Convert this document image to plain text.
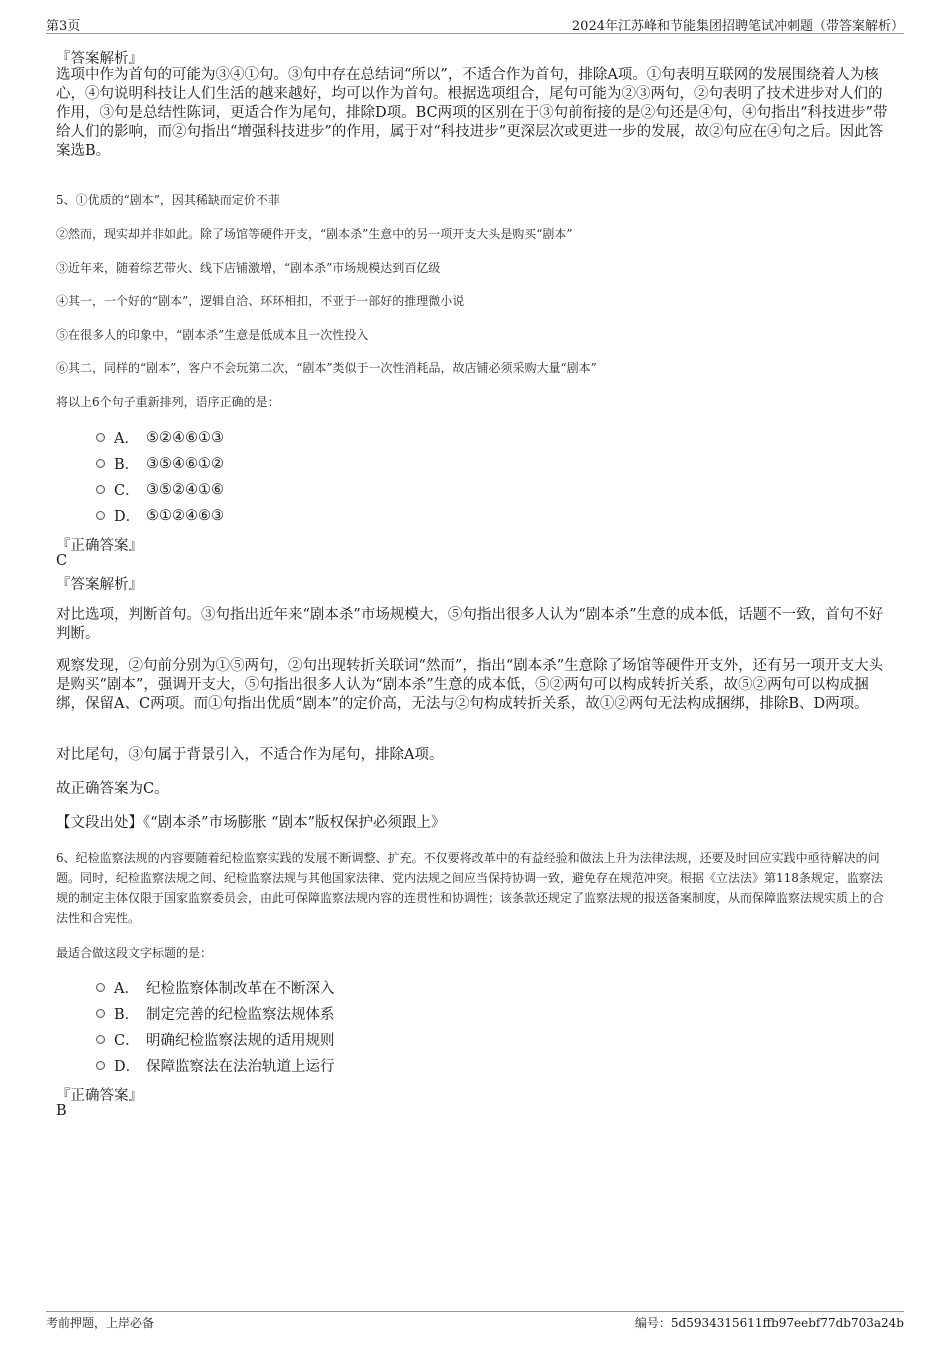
第3页	2024年江苏峰和节能集团招聘笔试冲刺题（带答案解析）
『答案解析』
选项中作为首句的可能为③④①句。③句中存在总结词“所以”，不适合作为首句，排除A项。①句表明互联网的发展围绕着人为核心，④句说明科技让人们生活的越来越好，均可以作为首句。根据选项组合，尾句可能为②③两句，②句表明了技术进步对人们的作用，③句是总结性陈词，更适合作为尾句，排除D项。BC两项的区别在于③句前衔接的是②句还是④句，④句指出“科技进步”带给人们的影响，而②句指出“增强科技进步”的作用，属于对“科技进步”更深层次或更进一步的发展，故②句应在④句之后。因此答案选B。
5、①优质的“剧本”，因其稀缺而定价不菲
②然而，现实却并非如此。除了场馆等硬件开支，“剧本杀”生意中的另一项开支大头是购买“剧本”
③近年来，随着综艺带火、线下店铺激增，“剧本杀”市场规模达到百亿级
④其一，一个好的“剧本”，逻辑自洽、环环相扣，不亚于一部好的推理微小说
⑤在很多人的印象中，“剧本杀”生意是低成本且一次性投入
⑥其二，同样的“剧本”，客户不会玩第二次，“剧本”类似于一次性消耗品，故店铺必须采购大量“剧本”
将以上6个句子重新排列，语序正确的是：
A． ⑤②④⑥①③
B． ③⑤④⑥①②
C． ③⑤②④①⑥
D． ⑤①②④⑥③
『正确答案』
C
『答案解析』
对比选项，判断首句。③句指出近年来“剧本杀”市场规模大，⑤句指出很多人认为“剧本杀”生意的成本低，话题不一致，首句不好判断。
观察发现，②句前分别为①⑤两句，②句出现转折关联词“然而”，指出“剧本杀”生意除了场馆等硬件开支外，还有另一项开支大头是购买“剧本”，强调开支大，⑤句指出很多人认为“剧本杀”生意的成本低，⑤②两句可以构成转折关系，故⑤②两句可以构成捆绑，保留A、C两项。而①句指出优质“剧本”的定价高，无法与②句构成转折关系，故①②两句无法构成捆绑，排除B、D两项。
对比尾句，③句属于背景引入，不适合作为尾句，排除A项。
故正确答案为C。
【文段出处】《“剧本杀”市场膨胀 “剧本”版权保护必须跟上》
6、纪检监察法规的内容要随着纪检监察实践的发展不断调整、扩充。不仅要将改革中的有益经验和做法上升为法律法规，还要及时回应实践中亟待解决的问题。同时，纪检监察法规之间、纪检监察法规与其他国家法律、党内法规之间应当保持协调一致，避免存在规范冲突。根据《立法法》第118条规定，监察法规的制定主体仅限于国家监察委员会，由此可保障监察法规内容的连贯性和协调性；该条款还规定了监察法规的报送备案制度，从而保障监察法规实质上的合法性和合宪性。
最适合做这段文字标题的是：
A． 纪检监察体制改革在不断深入
B． 制定完善的纪检监察法规体系
C． 明确纪检监察法规的适用规则
D． 保障监察法在法治轨道上运行
『正确答案』
B
考前押题，上岸必备	编号：5d5934315611ffb97eebf77db703a24b
